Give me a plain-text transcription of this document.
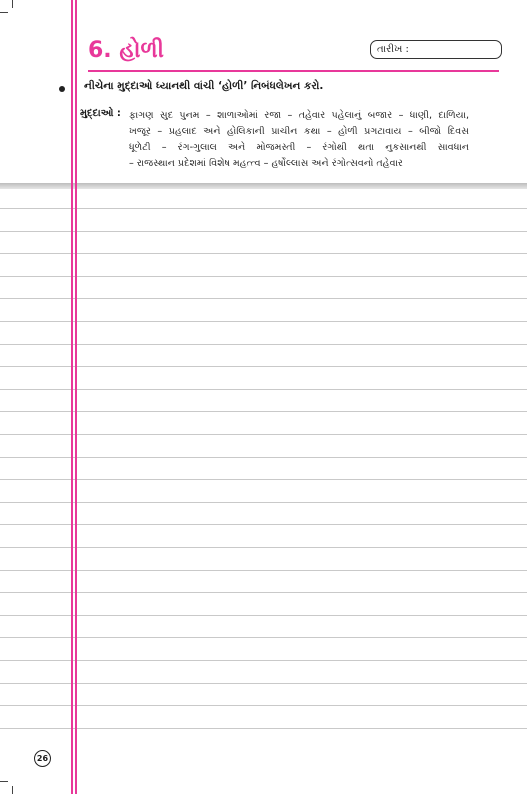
6. હોળી	તારીખ :
નીચેના મુદ્દાઓ ધ્યાનથી વાંચી ‘હોળી’ નિબંધલેખન કરો.
મુદ્દાઓ : ફાગણ સુદ પુનમ – શાળાઓમાં રજા – તહેવાર પહેલાનું બજાર – ધાણી, દાળિયા,
ખજૂર – પ્રહલાદ અને હોલિકાની પ્રાચીન કથા – હોળી પ્રગટાવાય – બીજો દિવસ
ધૂળેટી – રંગ-ગુલાલ અને મોજમસ્તી – રંગોથી થતા નુકસાનથી સાવધાન
– રાજસ્થાન પ્રદેશમાં વિશેષ મહત્ત્વ – હર્ષોલ્લાસ અને રંગોત્સવનો તહેવાર
26
